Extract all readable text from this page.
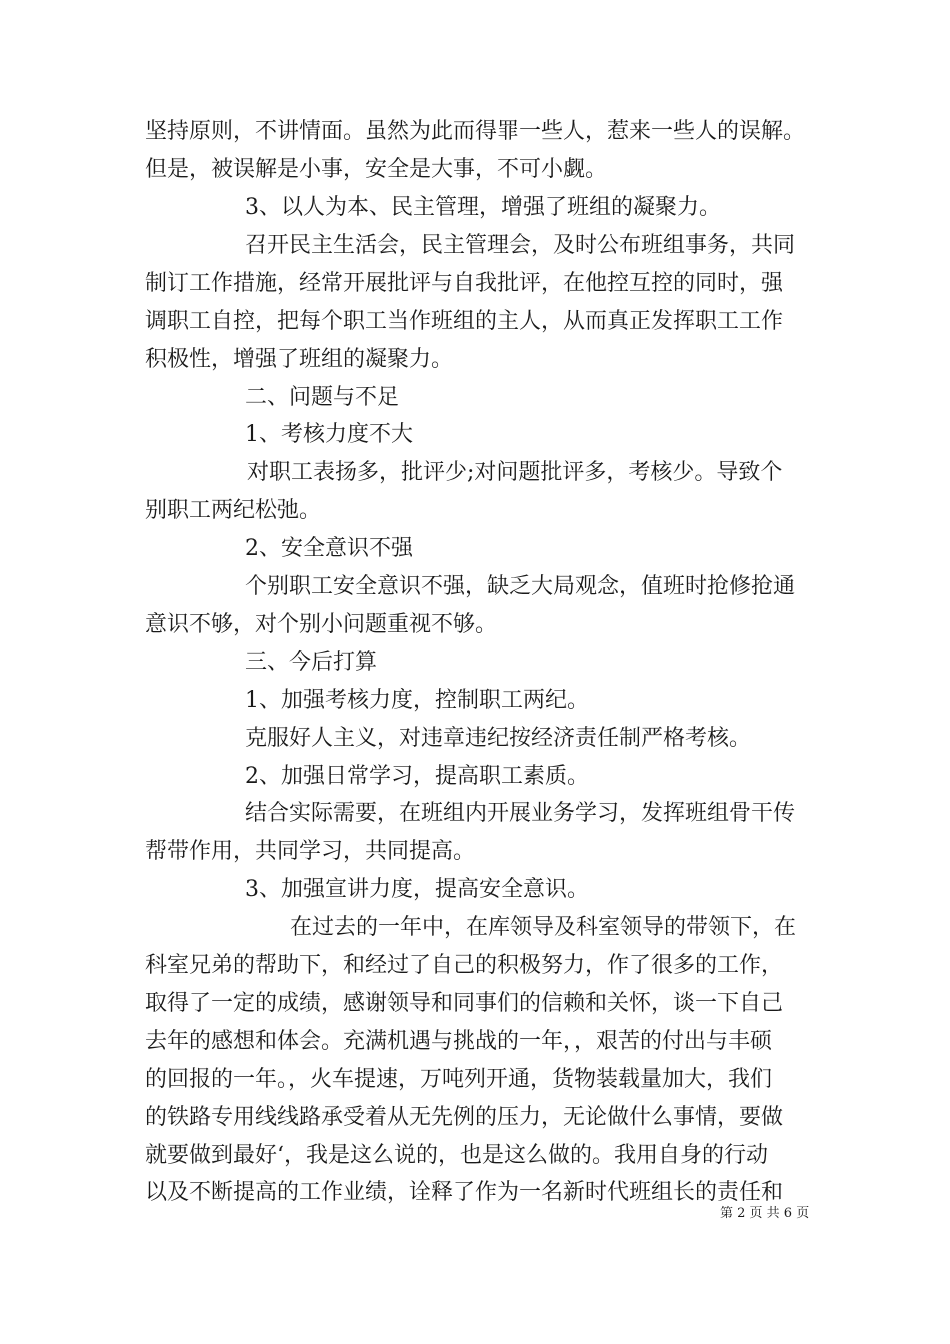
坚持原则，不讲情面。虽然为此而得罪一些人，惹来一些人的误解。
但是，被误解是小事，安全是大事，不可小觑。
3、以人为本、民主管理，增强了班组的凝聚力。
召开民主生活会，民主管理会，及时公布班组事务，共同
制订工作措施，经常开展批评与自我批评，在他控互控的同时，强
调职工自控，把每个职工当作班组的主人，从而真正发挥职工工作
积极性，增强了班组的凝聚力。
二、问题与不足
1、考核力度不大
对职工表扬多，批评少;对问题批评多，考核少。导致个
别职工两纪松弛。
2、安全意识不强
个别职工安全意识不强，缺乏大局观念，值班时抢修抢通
意识不够，对个别小问题重视不够。
三、今后打算
1、加强考核力度，控制职工两纪。
克服好人主义，对违章违纪按经济责任制严格考核。
2、加强日常学习，提高职工素质。
结合实际需要，在班组内开展业务学习，发挥班组骨干传
帮带作用，共同学习，共同提高。
3、加强宣讲力度，提高安全意识。
在过去的一年中，在库领导及科室领导的带领下，在
科室兄弟的帮助下，和经过了自己的积极努力，作了很多的工作，
取得了一定的成绩，感谢领导和同事们的信赖和关怀，谈一下自己
去年的感想和体会。充满机遇与挑战的一年，，艰苦的付出与丰硕
的回报的一年。，火车提速，万吨列开通，货物装载量加大，我们
的铁路专用线线路承受着从无先例的压力，无论做什么事情，要做
就要做到最好‘，我是这么说的，也是这么做的。我用自身的行动
以及不断提高的工作业绩，诠释了作为一名新时代班组长的责任和
第 2 页 共 6 页
